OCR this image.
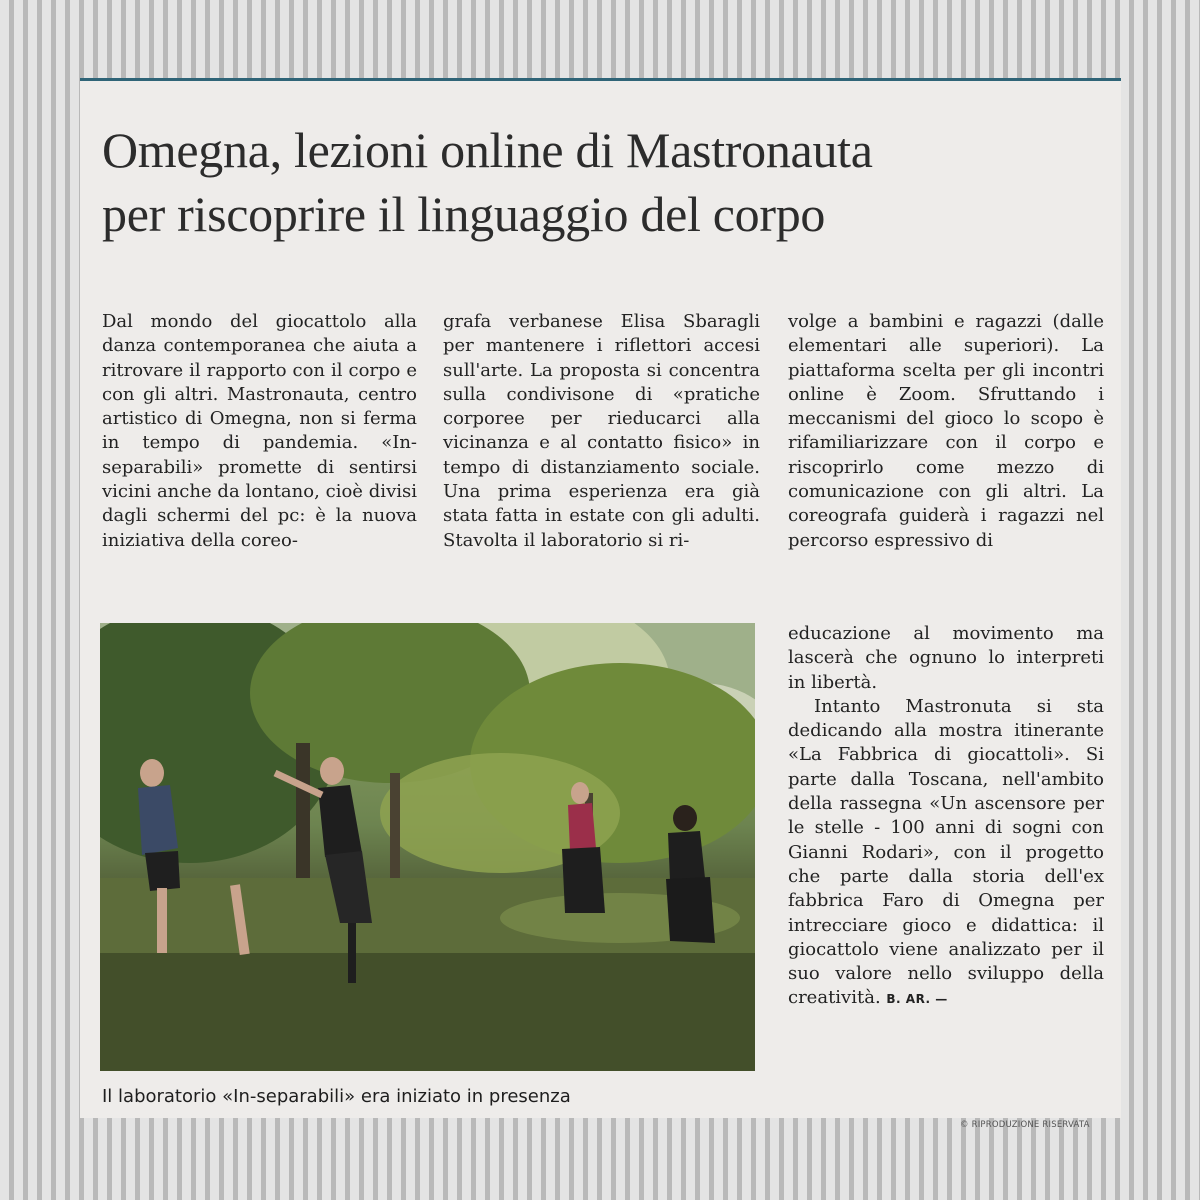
Omegna, lezioni online di Mastronauta
per riscoprire il linguaggio del corpo

Dal mondo del giocattolo alla danza contemporanea che aiuta a ritrovare il rapporto con il corpo e con gli altri. Mastronauta, centro artistico di Omegna, non si ferma in tempo di pandemia. «In-separabili» promette di sentirsi vicini anche da lontano, cioè divisi dagli schermi del pc: è la nuova iniziativa della coreo-

grafa verbanese Elisa Sbaragli per mantenere i riflettori accesi sull'arte. La proposta si concentra sulla condivisone di «pratiche corporee per rieducarci alla vicinanza e al contatto fisico» in tempo di distanziamento sociale. Una prima esperienza era già stata fatta in estate con gli adulti. Stavolta il laboratorio si ri-

volge a bambini e ragazzi (dalle elementari alle superiori). La piattaforma scelta per gli incontri online è Zoom. Sfruttando i meccanismi del gioco lo scopo è rifamiliarizzare con il corpo e riscoprirlo come mezzo di comunicazione con gli altri. La coreografa guiderà i ragazzi nel percorso espressivo di

educazione al movimento ma lascerà che ognuno lo interpreti in libertà.

Intanto Mastronuta si sta dedicando alla mostra itinerante «La Fabbrica di giocattoli». Si parte dalla Toscana, nell'ambito della rassegna «Un ascensore per le stelle - 100 anni di sogni con Gianni Rodari», con il progetto che parte dalla storia dell'ex fabbrica Faro di Omegna per intrecciare gioco e didattica: il giocattolo viene analizzato per il suo valore nello sviluppo della creatività. B. AR. —

Il laboratorio «In-separabili» era iniziato in presenza

© RIPRODUZIONE RISERVATA
